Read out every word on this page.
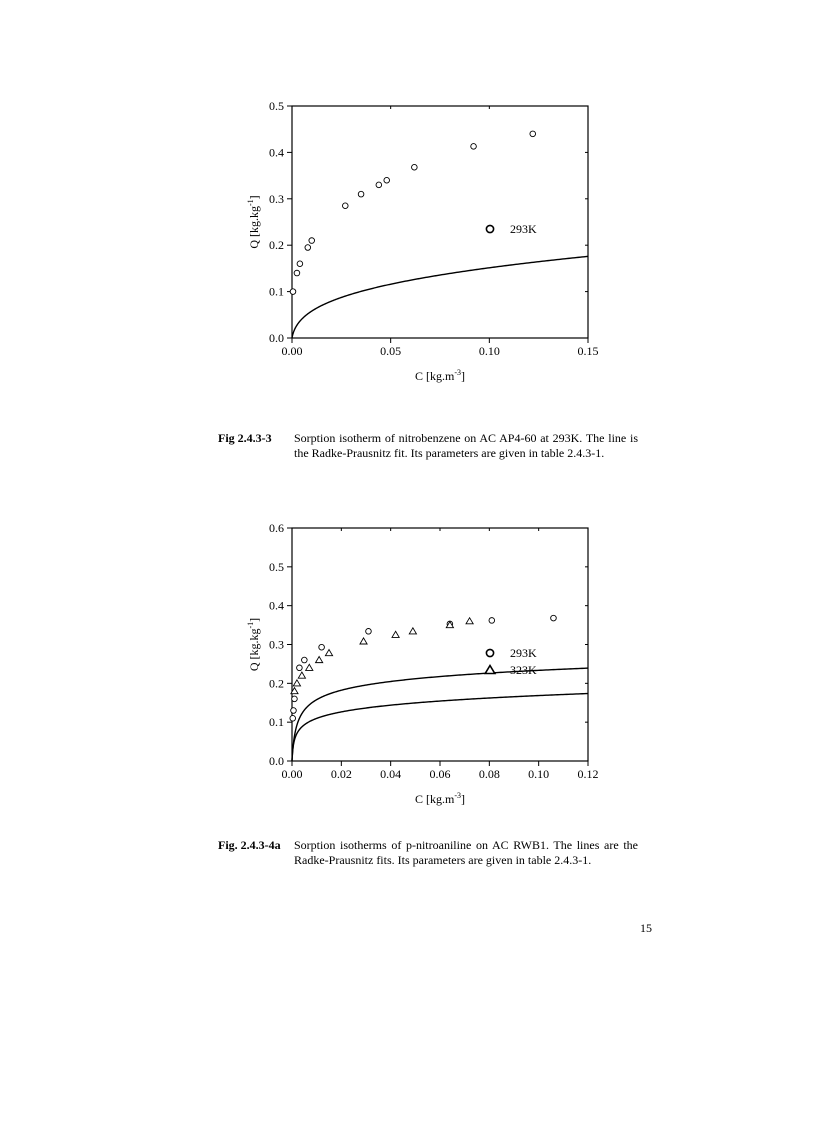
0.00	0.05	0.10	0.15
0.0
0.1
0.2
0.3
0.4
0.5
C $[kg.m^{-3}]$
Q $[kg.kg^{-1}]$
293K
Fig 2.4.3-3 Sorption isotherm of nitrobenzene on AC AP4-60 at 293K. The line is the Radke-Prausnitz fit. Its parameters are given in table 2.4.3-1.
0.00 0.02 0.04 0.06 0.08 0.10 0.12
0.0
0.1
0.2
0.3
0.4
0.5
0.6
C $[kg.m^{-3}]$
Q $[kg.kg^{-1}]$
293K
323K
Fig. 2.4.3-4a Sorption isotherms of p-nitroaniline on AC RWB1. The lines are the Radke-Prausnitz fits. Its parameters are given in table 2.4.3-1.
15
